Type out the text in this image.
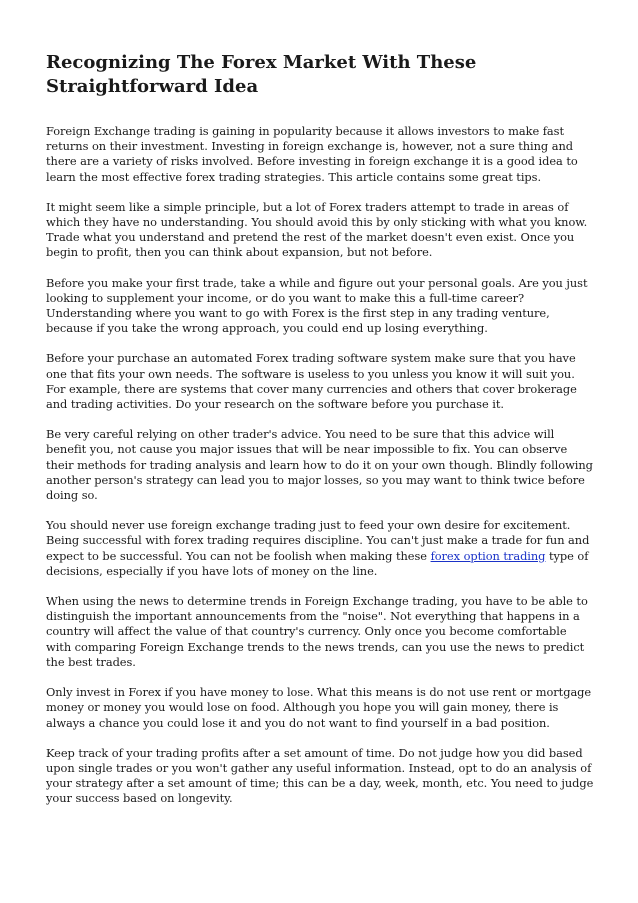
Recognizing The Forex Market With These Straightforward Idea

Foreign Exchange trading is gaining in popularity because it allows investors to make fast returns on their investment. Investing in foreign exchange is, however, not a sure thing and there are a variety of risks involved. Before investing in foreign exchange it is a good idea to learn the most effective forex trading strategies. This article contains some great tips.

It might seem like a simple principle, but a lot of Forex traders attempt to trade in areas of which they have no understanding. You should avoid this by only sticking with what you know. Trade what you understand and pretend the rest of the market doesn't even exist. Once you begin to profit, then you can think about expansion, but not before.

Before you make your first trade, take a while and figure out your personal goals. Are you just looking to supplement your income, or do you want to make this a full-time career? Understanding where you want to go with Forex is the first step in any trading venture, because if you take the wrong approach, you could end up losing everything.

Before your purchase an automated Forex trading software system make sure that you have one that fits your own needs. The software is useless to you unless you know it will suit you. For example, there are systems that cover many currencies and others that cover brokerage and trading activities. Do your research on the software before you purchase it.

Be very careful relying on other trader's advice. You need to be sure that this advice will benefit you, not cause you major issues that will be near impossible to fix. You can observe their methods for trading analysis and learn how to do it on your own though. Blindly following another person's strategy can lead you to major losses, so you may want to think twice before doing so.

You should never use foreign exchange trading just to feed your own desire for excitement. Being successful with forex trading requires discipline. You can't just make a trade for fun and expect to be successful. You can not be foolish when making these forex option trading type of decisions, especially if you have lots of money on the line.

When using the news to determine trends in Foreign Exchange trading, you have to be able to distinguish the important announcements from the "noise". Not everything that happens in a country will affect the value of that country's currency. Only once you become comfortable with comparing Foreign Exchange trends to the news trends, can you use the news to predict the best trades.

Only invest in Forex if you have money to lose. What this means is do not use rent or mortgage money or money you would lose on food. Although you hope you will gain money, there is always a chance you could lose it and you do not want to find yourself in a bad position.

Keep track of your trading profits after a set amount of time. Do not judge how you did based upon single trades or you won't gather any useful information. Instead, opt to do an analysis of your strategy after a set amount of time; this can be a day, week, month, etc. You need to judge your success based on longevity.
